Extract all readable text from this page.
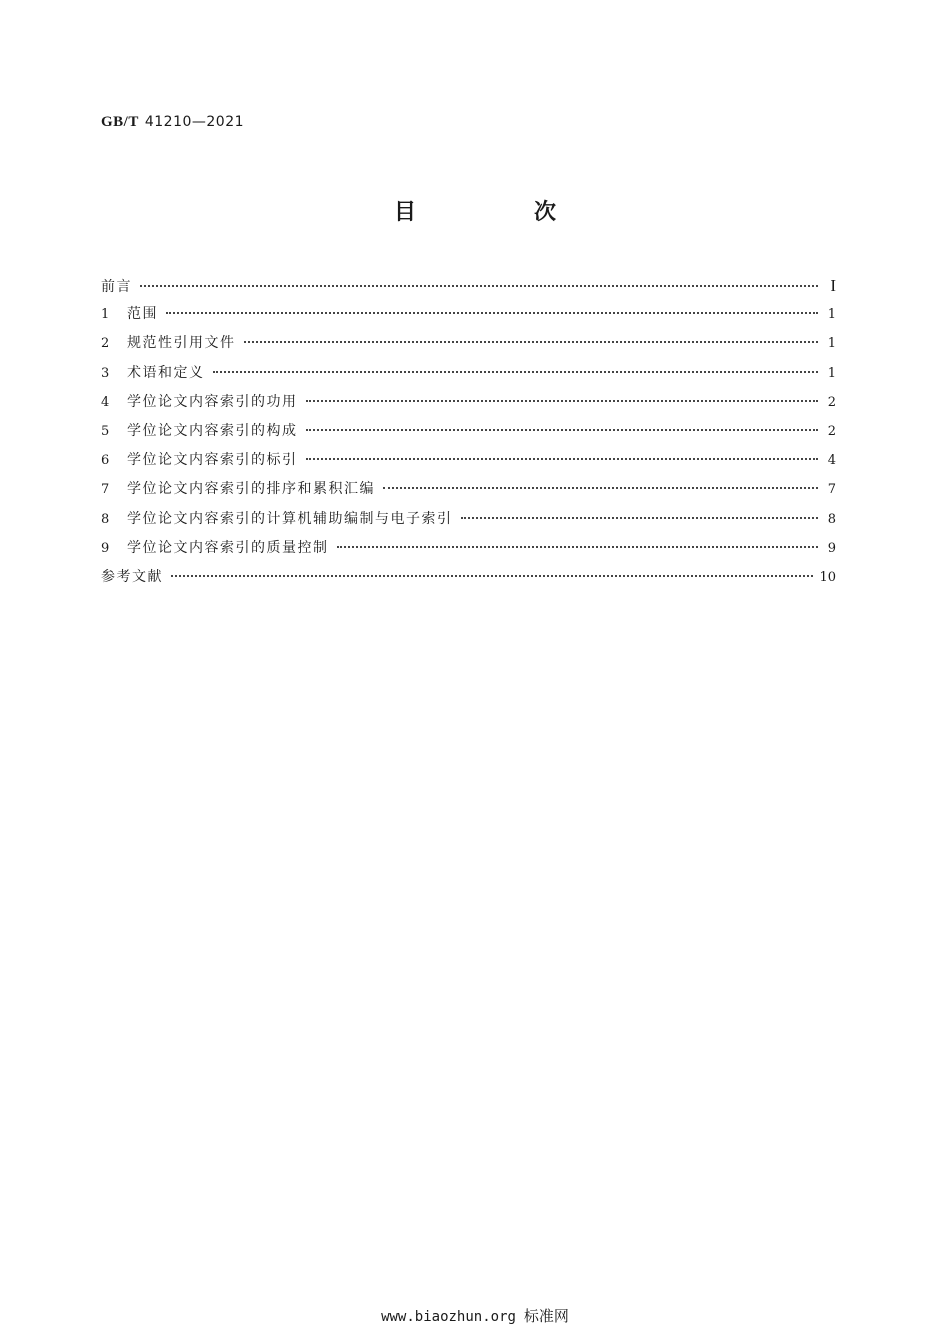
GB/T 41210—2021
目　次
前言	I
1	范围	1
2	规范性引用文件	1
3	术语和定义	1
4	学位论文内容索引的功用	2
5	学位论文内容索引的构成	2
6	学位论文内容索引的标引	4
7	学位论文内容索引的排序和累积汇编	7
8	学位论文内容索引的计算机辅助编制与电子索引	8
9	学位论文内容索引的质量控制	9
参考文献	10
www.biaozhun.org 标准网
